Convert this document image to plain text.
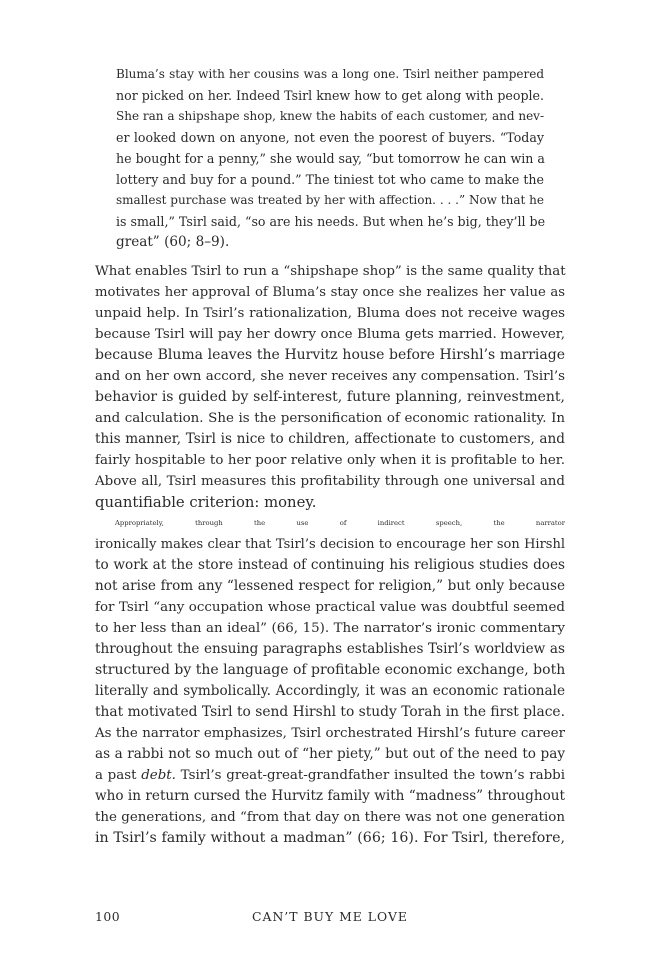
Bluma’s stay with her cousins was a long one. Tsirl neither pampered
nor picked on her. Indeed Tsirl knew how to get along with people.
She ran a shipshape shop, knew the habits of each customer, and nev-
er looked down on anyone, not even the poorest of buyers. “Today
he bought for a penny,” she would say, “but tomorrow he can win a
lottery and buy for a pound.” The tiniest tot who came to make the
smallest purchase was treated by her with affection. . . .” Now that he
is small,” Tsirl said, “so are his needs. But when he’s big, they’ll be
great” (60; 8–9).
What enables Tsirl to run a “shipshape shop” is the same quality that
motivates her approval of Bluma’s stay once she realizes her value as
unpaid help. In Tsirl’s rationalization, Bluma does not receive wages
because Tsirl will pay her dowry once Bluma gets married. However,
because Bluma leaves the Hurvitz house before Hirshl’s marriage
and on her own accord, she never receives any compensation. Tsirl’s
behavior is guided by self-interest, future planning, reinvestment,
and calculation. She is the personification of economic rationality. In
this manner, Tsirl is nice to children, affectionate to customers, and
fairly hospitable to her poor relative only when it is profitable to her.
Above all, Tsirl measures this profitability through one universal and
quantifiable criterion: money.
Appropriately, through the use of indirect speech, the narrator
ironically makes clear that Tsirl’s decision to encourage her son Hirshl
to work at the store instead of continuing his religious studies does
not arise from any “lessened respect for religion,” but only because
for Tsirl “any occupation whose practical value was doubtful seemed
to her less than an ideal” (66, 15). The narrator’s ironic commentary
throughout the ensuing paragraphs establishes Tsirl’s worldview as
structured by the language of profitable economic exchange, both
literally and symbolically. Accordingly, it was an economic rationale
that motivated Tsirl to send Hirshl to study Torah in the first place.
As the narrator emphasizes, Tsirl orchestrated Hirshl’s future career
as a rabbi not so much out of “her piety,” but out of the need to pay
a past debt. Tsirl’s great-great-grandfather insulted the town’s rabbi
who in return cursed the Hurvitz family with “madness” throughout
the generations, and “from that day on there was not one generation
in Tsirl’s family without a madman” (66; 16). For Tsirl, therefore,
100	CAN’T BUY ME LOVE
